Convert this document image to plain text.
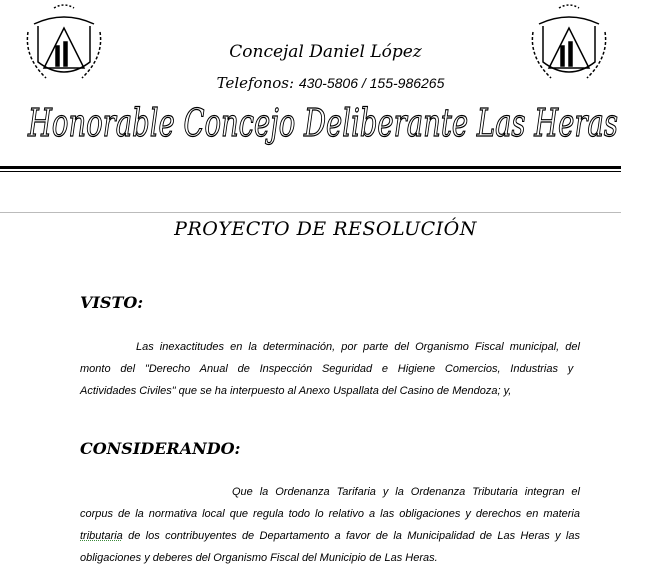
Concejal Daniel López
Telefonos: 430-5806 / 155-986265
Honorable Concejo Deliberante Las Heras
PROYECTO DE RESOLUCIÓN
VISTO:
Las inexactitudes en la determinación, por parte del Organismo Fiscal municipal, del
monto del "Derecho Anual de Inspección Seguridad e Higiene Comercios, Industrias y
Actividades Civiles" que se ha interpuesto al Anexo Uspallata del Casino de Mendoza; y,
CONSIDERANDO:
Que la Ordenanza Tarifaria y la Ordenanza Tributaria integran el
corpus de la normativa local que regula todo lo relativo a las obligaciones y derechos en materia
tributaria de los contribuyentes de Departamento a favor de la Municipalidad de Las Heras y las
obligaciones y deberes del Organismo Fiscal del Municipio de Las Heras.
